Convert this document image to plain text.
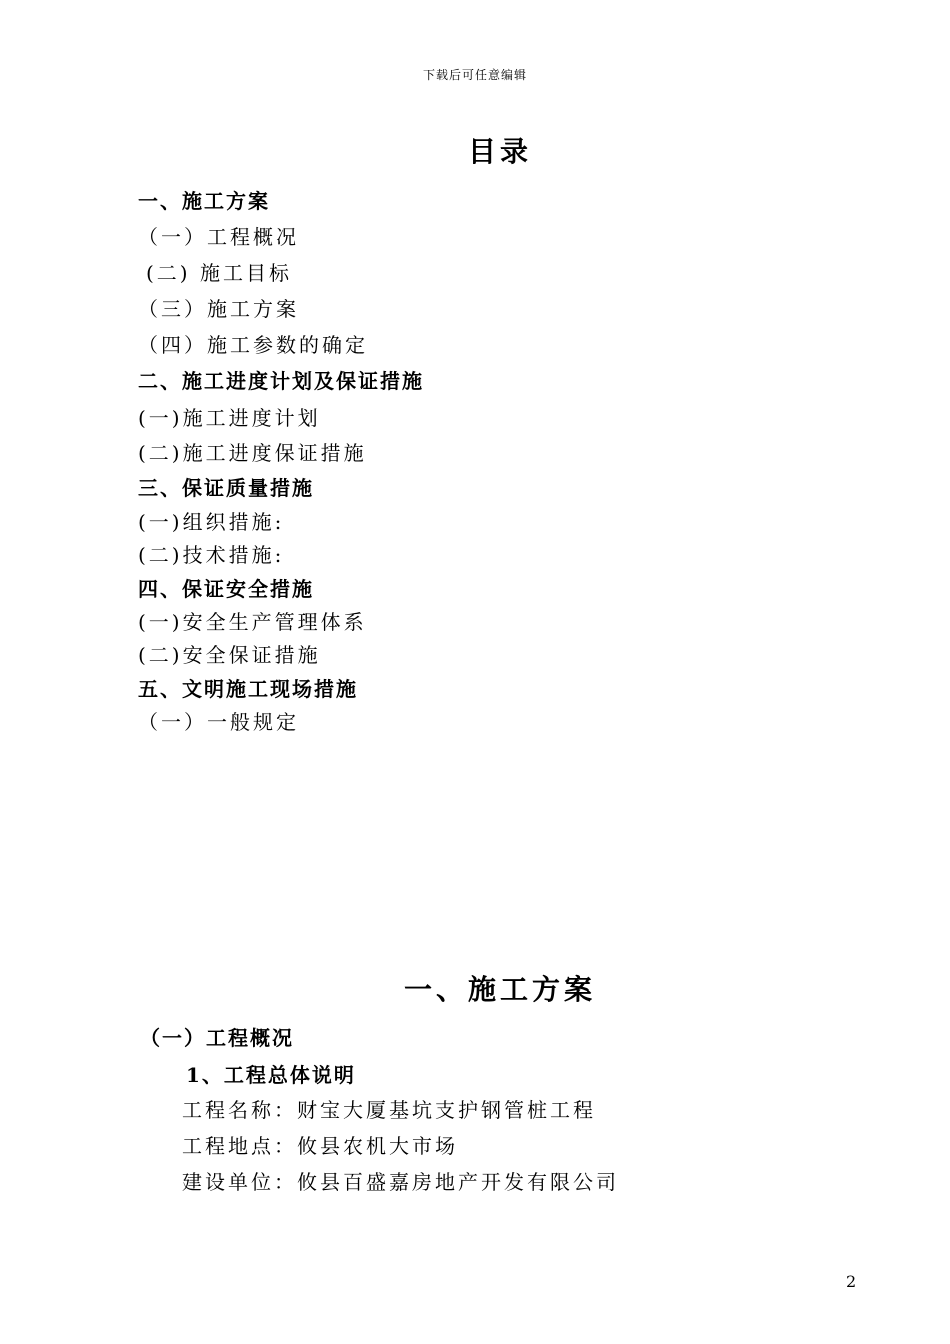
下载后可任意编辑
目录
一、施工方案
（一）工程概况
(二) 施工目标
（三）施工方案
（四）施工参数的确定
二、施工进度计划及保证措施
(一)施工进度计划
(二)施工进度保证措施
三、保证质量措施
(一)组织措施:
(二)技术措施:
四、保证安全措施
(一)安全生产管理体系
(二)安全保证措施
五、文明施工现场措施
（一）一般规定
一、施工方案
（一）工程概况
1、工程总体说明
工程名称：财宝大厦基坑支护钢管桩工程
工程地点：攸县农机大市场
建设单位：攸县百盛嘉房地产开发有限公司
2
